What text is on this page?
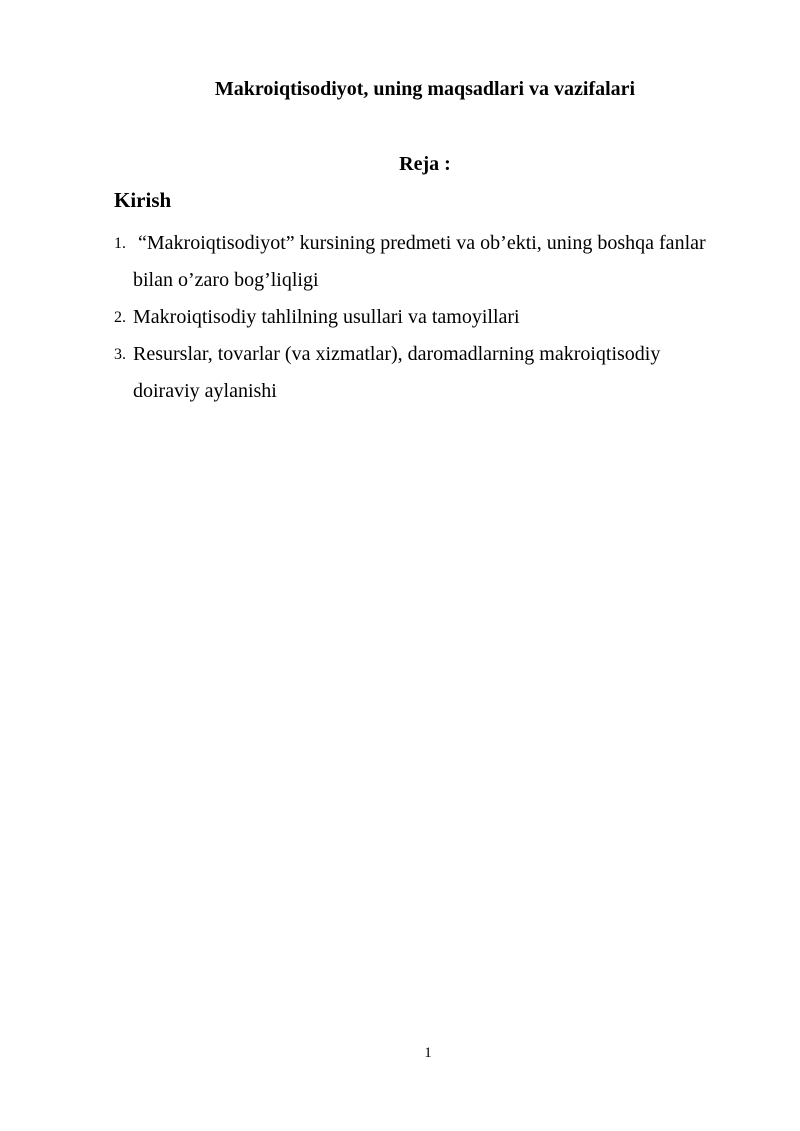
Makroiqtisodiyot, uning maqsadlari va vazifalari
Reja :
Kirish
1. “Makroiqtisodiyot” kursining predmeti va ob’ekti, uning boshqa fanlar bilan o’zaro bog’liqligi
2. Makroiqtisodiy tahlilning usullari va tamoyillari
3. Resurslar, tovarlar (va xizmatlar), daromadlarning makroiqtisodiy doiraviy aylanishi

1
